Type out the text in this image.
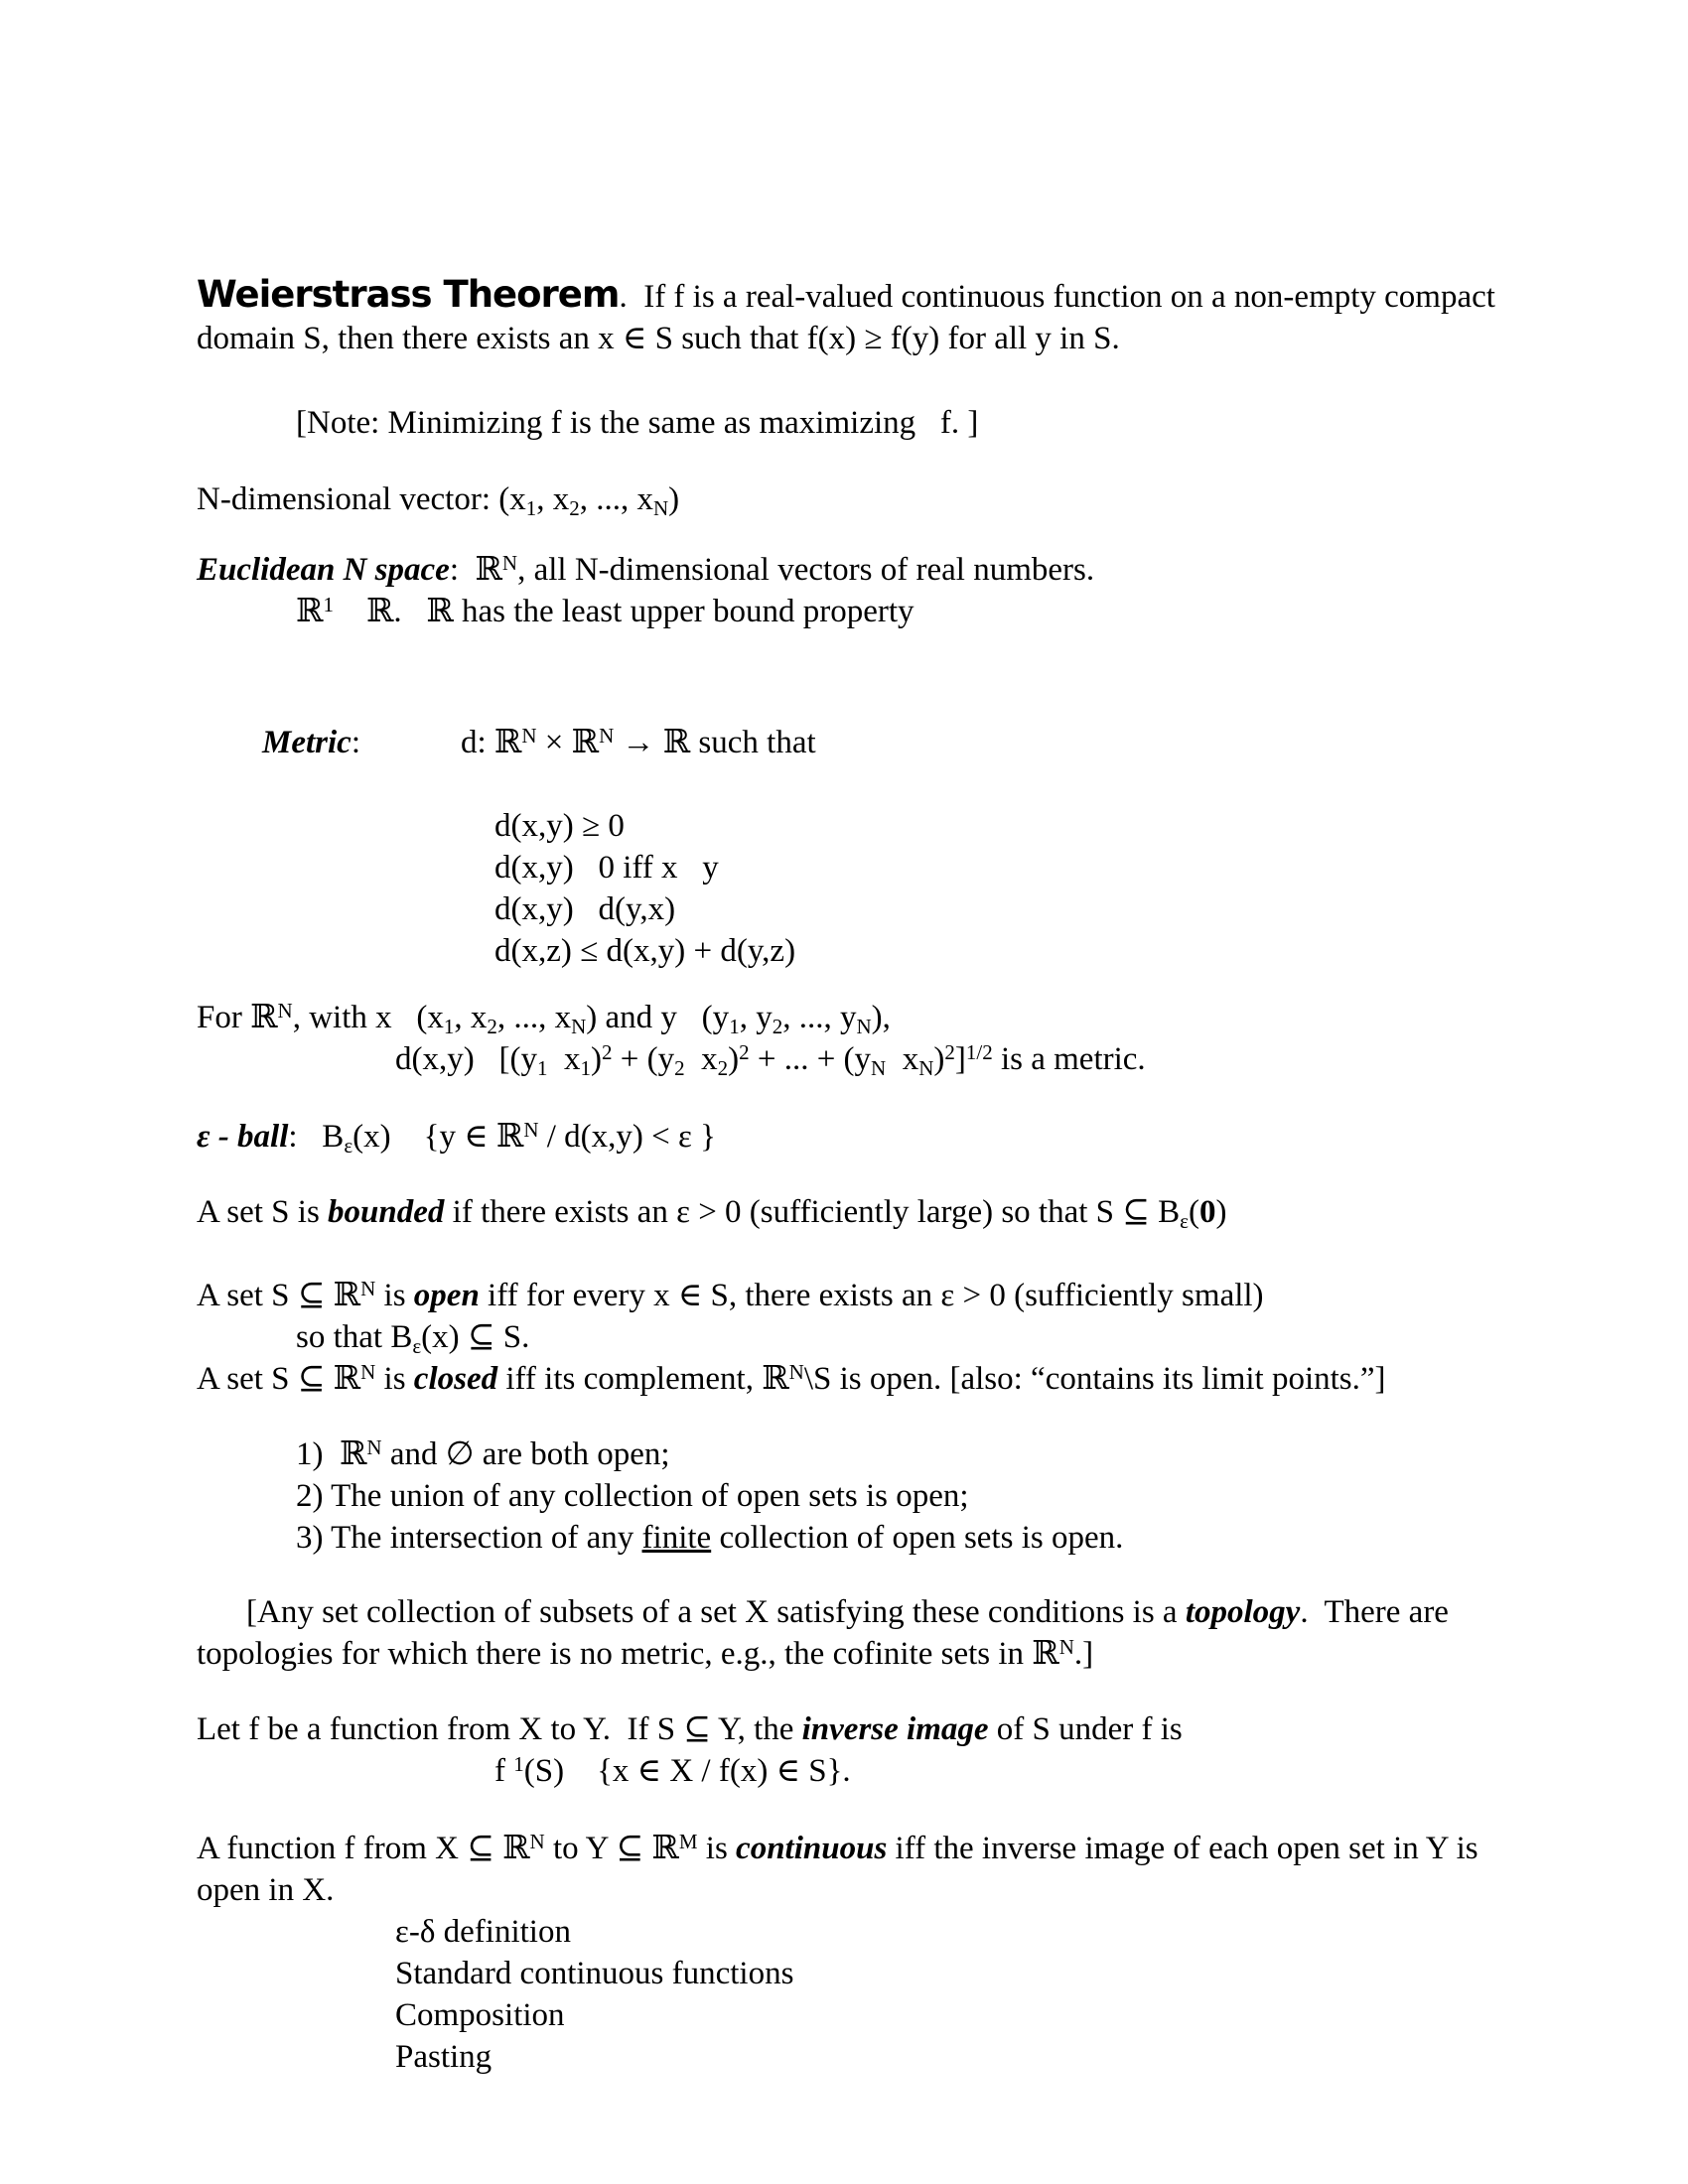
Weierstrass Theorem.  If f is a real-valued continuous function on a non-empty compact
domain S, then there exists an x ∈ S such that f(x) ≥ f(y) for all y in S.
[Note: Minimizing f is the same as maximizing   f. ]
N-dimensional vector: ($x_1$, $x_2$, ..., $x_N$)
Euclidean N space:  ℝ$^N$, all N-dimensional vectors of real numbers.
ℝ$^1$    ℝ.   ℝ has the least upper bound property

Metric:	d: ℝ$^N$ × ℝ$^N$ → ℝ such that

d(x,y) ≥ 0
d(x,y)   0 iff x   y
d(x,y)   d(y,x)
d(x,z) ≤ d(x,y) + d(y,z)
For ℝ$^N$, with x   ($x_1$, $x_2$, ..., $x_N$) and y   ($y_1$, $y_2$, ..., $y_N$),
d(x,y)   [($y_1$  $x_1)^2 + (y_2$  $x_2)^2$ + ... + ($y_N$  $x_N)^2]^{1/2}$ is a metric.
ε - ball:   $B_\varepsilon(x)$    {y ∈ ℝ$^N$ / d(x,y) < ε }
A set S is bounded if there exists an ε > 0 (sufficiently large) so that S ⊆ $B_\varepsilon(0)$
A set S ⊆ ℝ$^N$ is open iff for every x ∈ S, there exists an ε > 0 (sufficiently small)
so that $B_\varepsilon(x)$ ⊆ S.
A set S ⊆ ℝ$^N$ is closed iff its complement, ℝ$^N$\S is open. [also: “contains its limit points.”]
1)  ℝ$^N$ and ∅ are both open;
2) The union of any collection of open sets is open;
3) The intersection of any finite collection of open sets is open.
[Any set collection of subsets of a set X satisfying these conditions is a topology.  There are
topologies for which there is no metric, e.g., the cofinite sets in ℝ$^N$.]
Let f be a function from X to Y.  If S ⊆ Y, the inverse image of S under f is
f $^1$(S)    {x ∈ X / f(x) ∈ S}.
A function f from X ⊆ ℝ$^N$ to Y ⊆ ℝ$^M$ is continuous iff the inverse image of each open set in Y is
open in X.
ε-δ definition
Standard continuous functions
Composition
Pasting
